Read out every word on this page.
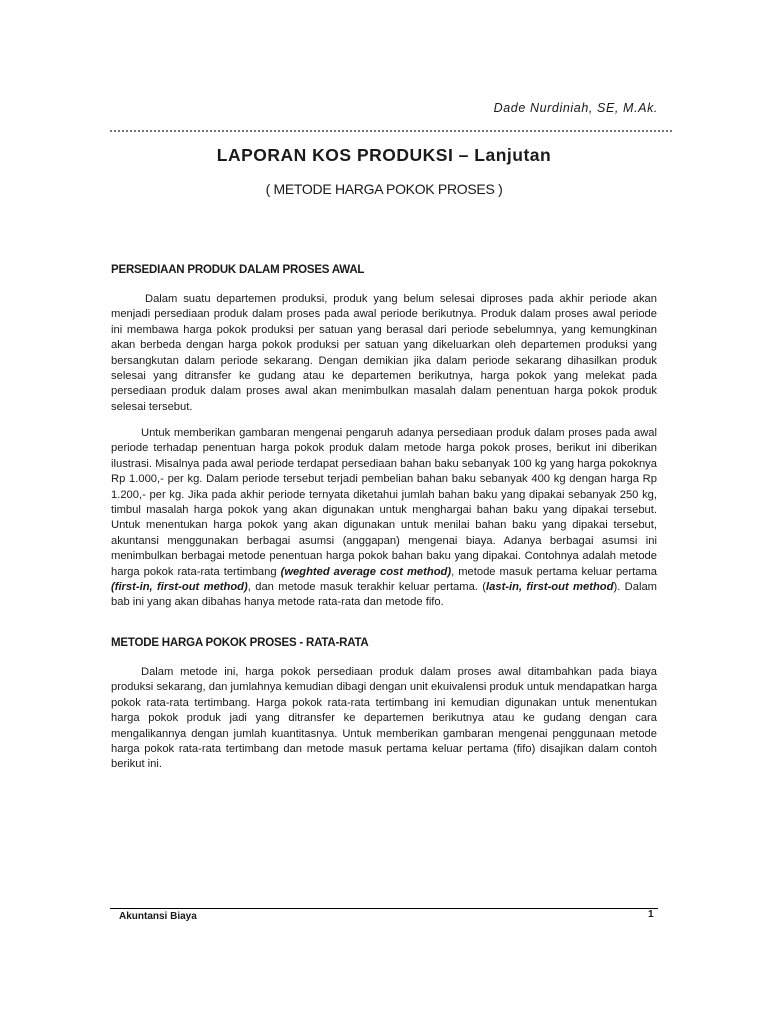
Dade Nurdiniah, SE, M.Ak.

LAPORAN KOS PRODUKSI – Lanjutan

( METODE HARGA POKOK PROSES )

PERSEDIAAN PRODUK DALAM PROSES AWAL

Dalam suatu departemen produksi, produk yang belum selesai diproses pada akhir periode akan menjadi persediaan produk dalam proses pada awal periode berikutnya. Produk dalam proses awal periode ini membawa harga pokok produksi per satuan yang berasal dari periode sebelumnya, yang kemungkinan akan berbeda dengan harga pokok produksi per satuan yang dikeluarkan oleh departemen produksi yang bersangkutan dalam periode sekarang. Dengan demikian jika dalam periode sekarang dihasilkan produk selesai yang ditransfer ke gudang atau ke departemen berikutnya, harga pokok yang melekat pada persediaan produk dalam proses awal akan menimbulkan masalah dalam penentuan harga pokok produk selesai tersebut.

Untuk memberikan gambaran mengenai pengaruh adanya persediaan produk dalam proses pada awal periode terhadap penentuan harga pokok produk dalam metode harga pokok proses, berikut ini diberikan ilustrasi. Misalnya pada awal periode terdapat persediaan bahan baku sebanyak 100 kg yang harga pokoknya Rp 1.000,- per kg. Dalam periode tersebut terjadi pembelian bahan baku sebanyak 400 kg dengan harga Rp 1.200,- per kg. Jika pada akhir periode ternyata diketahui jumlah bahan baku yang dipakai sebanyak 250 kg, timbul masalah harga pokok yang akan digunakan untuk menghargai bahan baku yang dipakai tersebut. Untuk menentukan harga pokok yang akan digunakan untuk menilai bahan baku yang dipakai tersebut, akuntansi menggunakan berbagai asumsi (anggapan) mengenai biaya. Adanya berbagai asumsi ini menimbulkan berbagai metode penentuan harga pokok bahan baku yang dipakai. Contohnya adalah metode harga pokok rata-rata tertimbang (weghted average cost method), metode masuk pertama keluar pertama (first-in, first-out method), dan metode masuk terakhir keluar pertama. (last-in, first-out method). Dalam bab ini yang akan dibahas hanya metode rata-rata dan metode fifo.

METODE HARGA POKOK PROSES - RATA-RATA

Dalam metode ini, harga pokok persediaan produk dalam proses awal ditambahkan pada biaya produksi sekarang, dan jumlahnya kemudian dibagi dengan unit ekuivalensi produk untuk mendapatkan harga pokok rata-rata tertimbang. Harga pokok rata-rata tertimbang ini kemudian digunakan untuk menentukan harga pokok produk jadi yang ditransfer ke departemen berikutnya atau ke gudang dengan cara mengalikannya dengan jumlah kuantitasnya. Untuk memberikan gambaran mengenai penggunaan metode harga pokok rata-rata tertimbang dan metode masuk pertama keluar pertama (fifo) disajikan dalam contoh berikut ini.

Akuntansi Biaya	1
